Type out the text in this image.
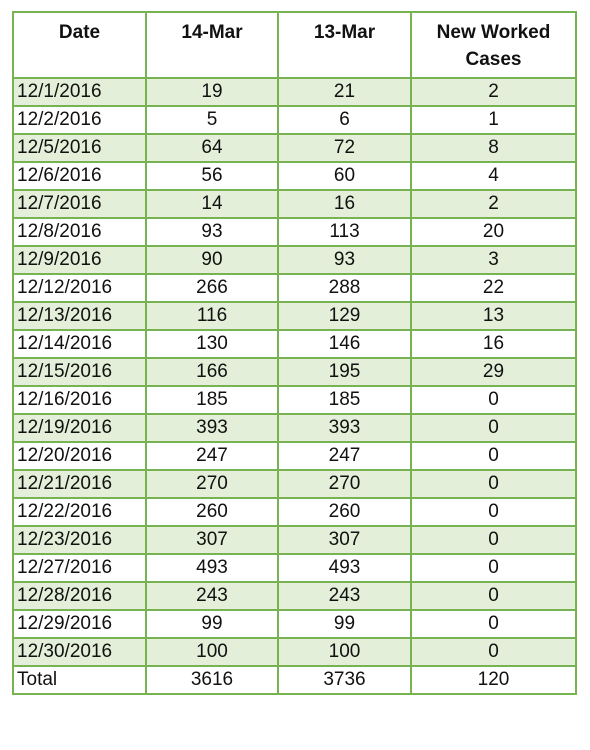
Date	14-Mar	13-Mar	New Worked Cases
12/1/2016	19	21	2
12/2/2016	5	6	1
12/5/2016	64	72	8
12/6/2016	56	60	4
12/7/2016	14	16	2
12/8/2016	93	113	20
12/9/2016	90	93	3
12/12/2016	266	288	22
12/13/2016	116	129	13
12/14/2016	130	146	16
12/15/2016	166	195	29
12/16/2016	185	185	0
12/19/2016	393	393	0
12/20/2016	247	247	0
12/21/2016	270	270	0
12/22/2016	260	260	0
12/23/2016	307	307	0
12/27/2016	493	493	0
12/28/2016	243	243	0
12/29/2016	99	99	0
12/30/2016	100	100	0
Total	3616	3736	120
